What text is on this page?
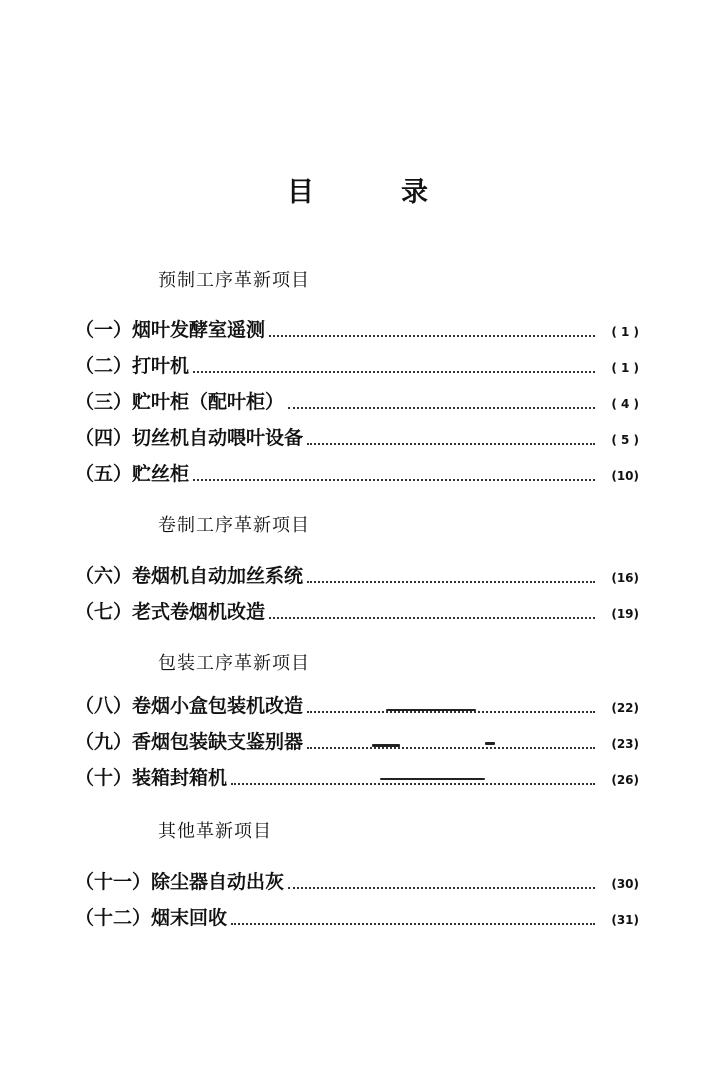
目	录
预制工序革新项目
（一）烟叶发酵室遥测	( 1 )
（二）打叶机	( 1 )
（三）贮叶柜（配叶柜）	( 4 )
（四）切丝机自动喂叶设备	( 5 )
（五）贮丝柜	(10)
卷制工序革新项目
（六）卷烟机自动加丝系统	(16)
（七）老式卷烟机改造	(19)
包装工序革新项目
（八）卷烟小盒包装机改造	(22)
（九）香烟包装缺支鉴别器	(23)
（十）装箱封箱机	(26)
其他革新项目
（十一）除尘器自动出灰	(30)
（十二）烟末回收	(31)
